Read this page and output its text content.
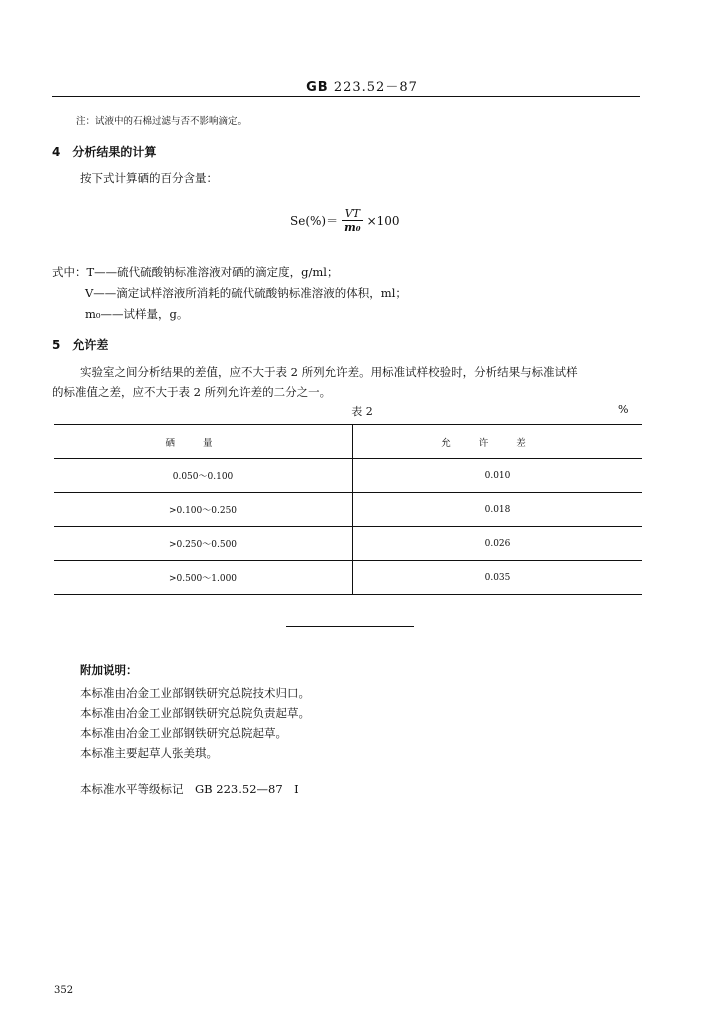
GB 223.52－87
注：试液中的石棉过滤与否不影响滴定。
4　分析结果的计算
按下式计算硒的百分含量：
$Se(\%)= \frac{VT}{\text{m₀}} \times 100$
式中：T——硫代硫酸钠标准溶液对硒的滴定度，g/ml；
V——滴定试样溶液所消耗的硫代硫酸钠标准溶液的体积，ml；
m₀——试样量，g。
5　允许差
实验室之间分析结果的差值，应不大于表 2 所列允许差。用标准试样校验时，分析结果与标准试样
的标准值之差，应不大于表 2 所列允许差的二分之一。
表 2	%
硒量	允许差
0.050～0.100	0.010
>0.100～0.250	0.018
>0.250～0.500	0.026
>0.500～1.000	0.035
附加说明：
本标准由冶金工业部钢铁研究总院技术归口。
本标准由冶金工业部钢铁研究总院负责起草。
本标准由冶金工业部钢铁研究总院起草。
本标准主要起草人张美琪。
本标准水平等级标记　GB 223.52—87　I
352
